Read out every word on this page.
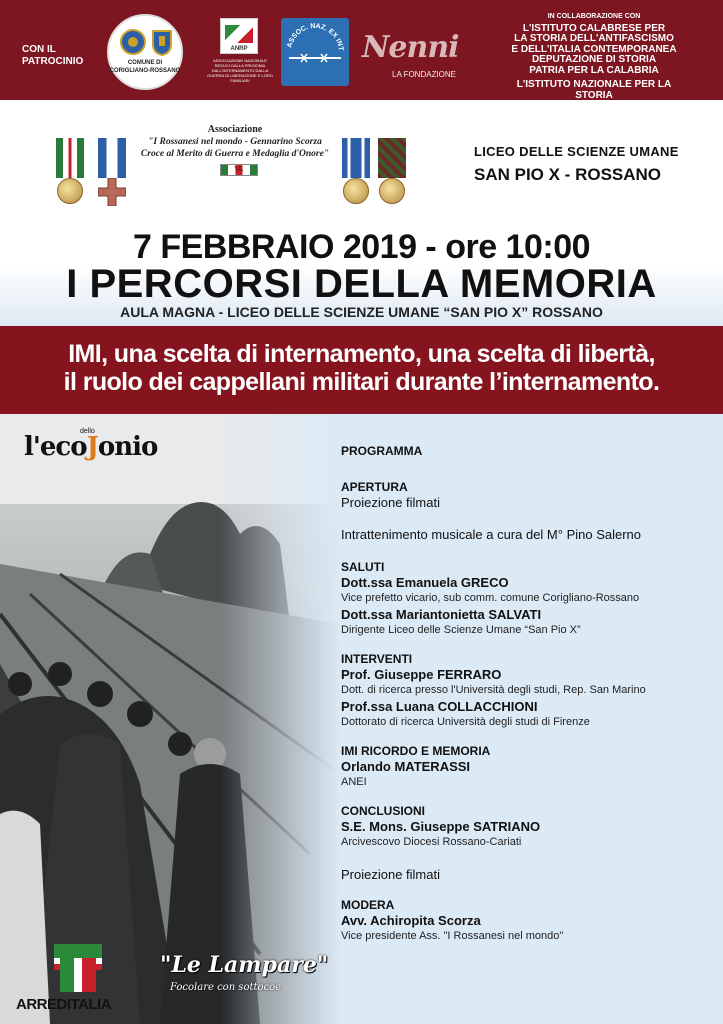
CON IL PATROCINIO	COMUNE DI
CORIGLIANO-ROSSANO
ANRP
ASSOCIAZIONE NAZIONALE REDUCI DALLA PRIGIONIA DALL'INTERNAMENTO DALLA GUERRA DI LIBERAZIONE E LORO FAMILIARI
ASSOC. NAZ. EX INT Nenni
LA FONDAZIONE
IN COLLABORAZIONE CON
L'ISTITUTO CALABRESE PER
LA STORIA DELL'ANTIFASCISMO
E DELL'ITALIA CONTEMPORANEA
DEPUTAZIONE DI STORIA
PATRIA PER LA CALABRIA
L'ISTITUTO NAZIONALE PER LA STORIA
DEL RISORGIMENTO ITALIANO
Associazione
"I Rossanesi nel mondo - Gennarino Scorza
Croce al Merito di Guerra e Medaglia d'Onore"
VL
LICEO DELLE SCIENZE UMANE
SAN PIO X - ROSSANO
7 FEBBRAIO 2019 - ore 10:00
I PERCORSI DELLA MEMORIA
AULA MAGNA - LICEO DELLE SCIENZE UMANE “SAN PIO X” ROSSANO
IMI, una scelta di internamento, una scelta di libertà,
il ruolo dei cappellani militari durante l’internamento.
l'ecoJonio
dello
PROGRAMMA
APERTURA
Proiezione filmati
Intrattenimento musicale a cura del M° Pino Salerno
SALUTI
Dott.ssa Emanuela GRECO
Vice prefetto vicario, sub comm. comune Corigliano-Rossano
Dott.ssa Mariantonietta SALVATI
Dirigente Liceo delle Scienze Umane “San Pio X”
INTERVENTI
Prof. Giuseppe FERRARO
Dott. di ricerca presso l'Università degli studi, Rep. San Marino
Prof.ssa Luana COLLACCHIONI
Dottorato di ricerca Università degli studi di Firenze
IMI RICORDO E MEMORIA
Orlando MATERASSI
ANEI
CONCLUSIONI
S.E. Mons. Giuseppe SATRIANO
Arcivescovo Diocesi Rossano-Cariati
Proiezione filmati
MODERA
Avv. Achiropita Scorza
Vice presidente Ass. "I Rossanesi nel mondo"
ARREDITALIA
"Le Lampare"
Focolare con sottocoe
